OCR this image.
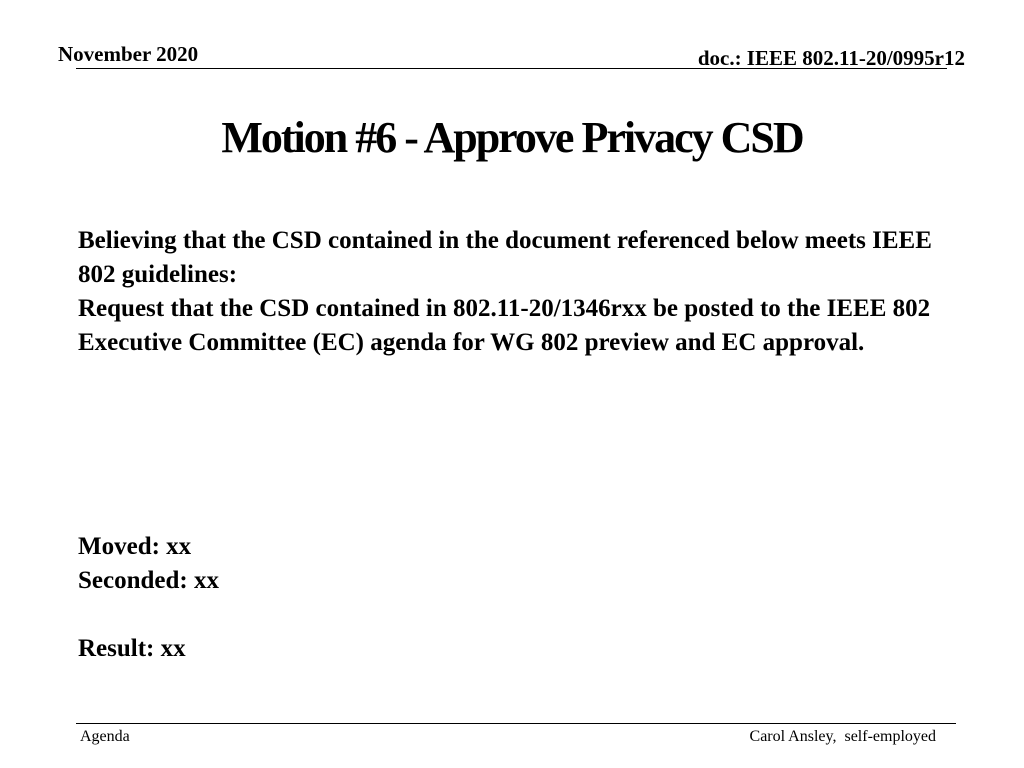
November 2020	doc.: IEEE 802.11-20/0995r12
Motion #6 - Approve Privacy CSD

Believing that the CSD contained in the document referenced below meets IEEE 802 guidelines:

Request that the CSD contained in 802.11-20/1346rxx be posted to the IEEE 802 Executive Committee (EC) agenda for WG 802 preview and EC approval.

Moved: xx

Seconded: xx

Result: xx

Agenda	Carol Ansley,  self-employed
